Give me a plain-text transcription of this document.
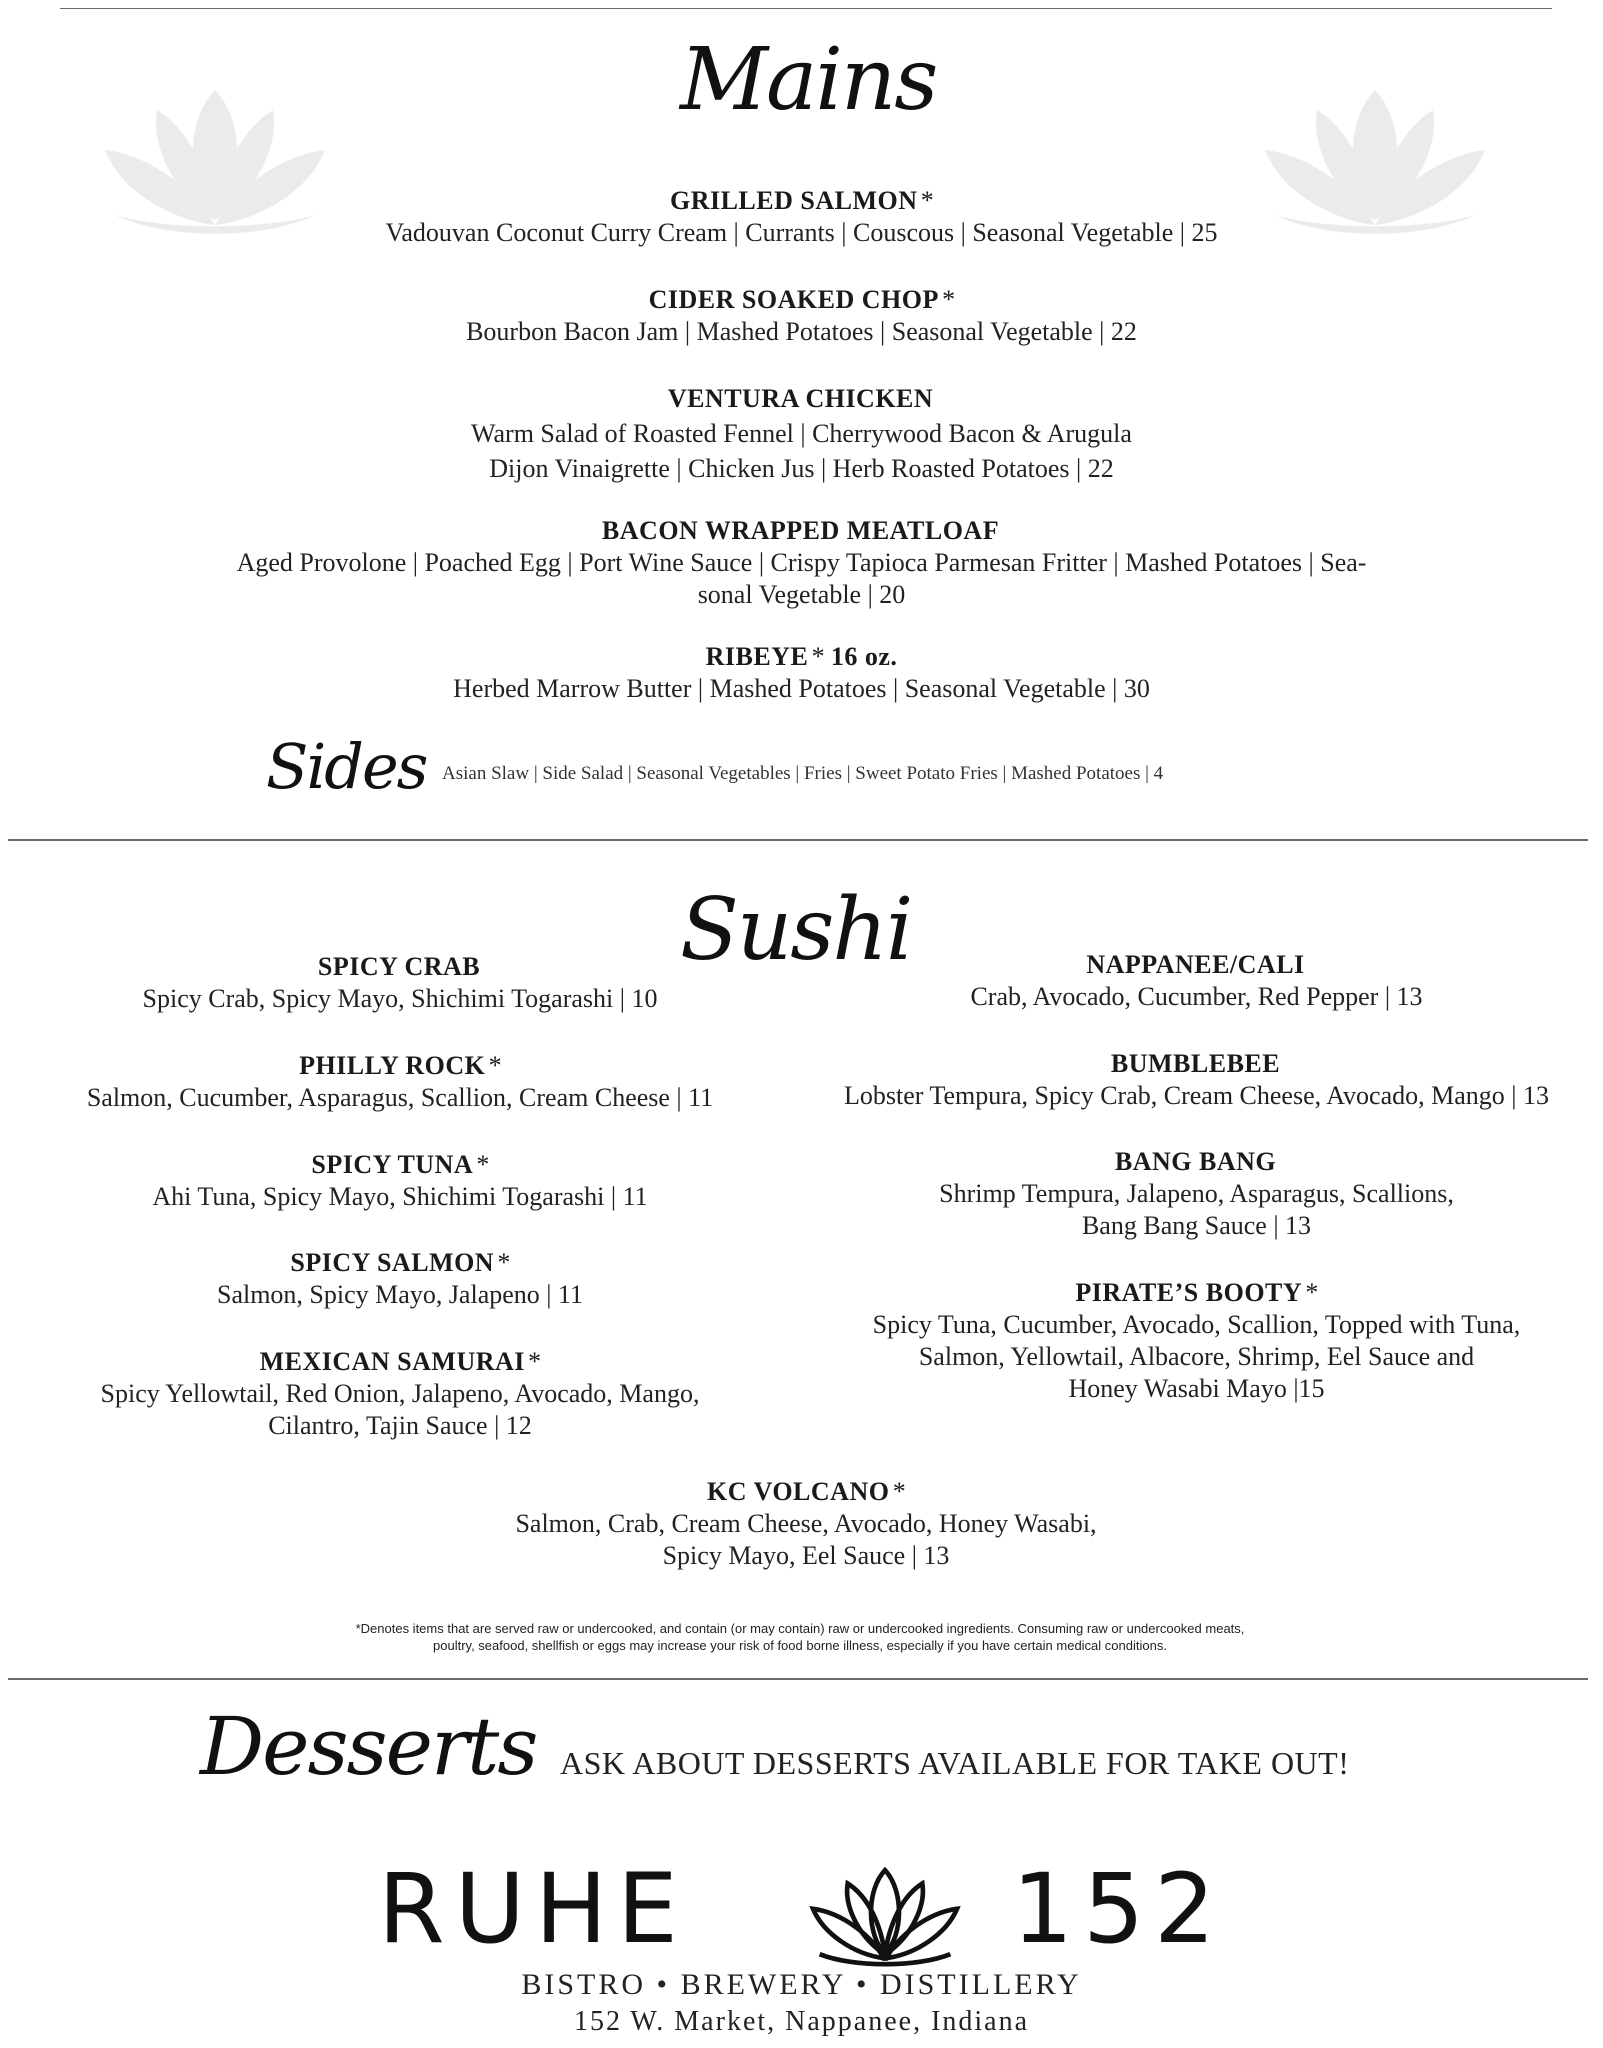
Mains
GRILLED SALMON*
Vadouvan Coconut Curry Cream | Currants | Couscous | Seasonal Vegetable | 25
CIDER SOAKED CHOP*
Bourbon Bacon Jam | Mashed Potatoes | Seasonal Vegetable | 22
VENTURA CHICKEN
Warm Salad of Roasted Fennel | Cherrywood Bacon & Arugula
Dijon Vinaigrette | Chicken Jus | Herb Roasted Potatoes | 22
BACON WRAPPED MEATLOAF
Aged Provolone | Poached Egg | Port Wine Sauce | Crispy Tapioca Parmesan Fritter | Mashed Potatoes | Sea-
sonal Vegetable | 20
RIBEYE* 16 oz.
Herbed Marrow Butter | Mashed Potatoes | Seasonal Vegetable | 30
Sides Asian Slaw | Side Salad | Seasonal Vegetables | Fries | Sweet Potato Fries | Mashed Potatoes | 4
Sushi
SPICY CRAB
Spicy Crab, Spicy Mayo, Shichimi Togarashi | 10
PHILLY ROCK*
Salmon, Cucumber, Asparagus, Scallion, Cream Cheese | 11
SPICY TUNA*
Ahi Tuna, Spicy Mayo, Shichimi Togarashi | 11
SPICY SALMON*
Salmon, Spicy Mayo, Jalapeno | 11
MEXICAN SAMURAI*
Spicy Yellowtail, Red Onion, Jalapeno, Avocado, Mango,
Cilantro, Tajin Sauce | 12
NAPPANEE/CALI
Crab, Avocado, Cucumber, Red Pepper | 13
BUMBLEBEE
Lobster Tempura, Spicy Crab, Cream Cheese, Avocado, Mango | 13
BANG BANG
Shrimp Tempura, Jalapeno, Asparagus, Scallions,
Bang Bang Sauce | 13
PIRATE’S BOOTY*
Spicy Tuna, Cucumber, Avocado, Scallion, Topped with Tuna,
Salmon, Yellowtail, Albacore, Shrimp, Eel Sauce and
Honey Wasabi Mayo |15
KC VOLCANO*
Salmon, Crab, Cream Cheese, Avocado, Honey Wasabi,
Spicy Mayo, Eel Sauce | 13
*Denotes items that are served raw or undercooked, and contain (or may contain) raw or undercooked ingredients. Consuming raw or undercooked meats,
poultry, seafood, shellfish or eggs may increase your risk of food borne illness, especially if you have certain medical conditions.
Desserts ASK ABOUT DESSERTS AVAILABLE FOR TAKE OUT!
RUHE	152
BISTRO • BREWERY • DISTILLERY
152 W. Market, Nappanee, Indiana
